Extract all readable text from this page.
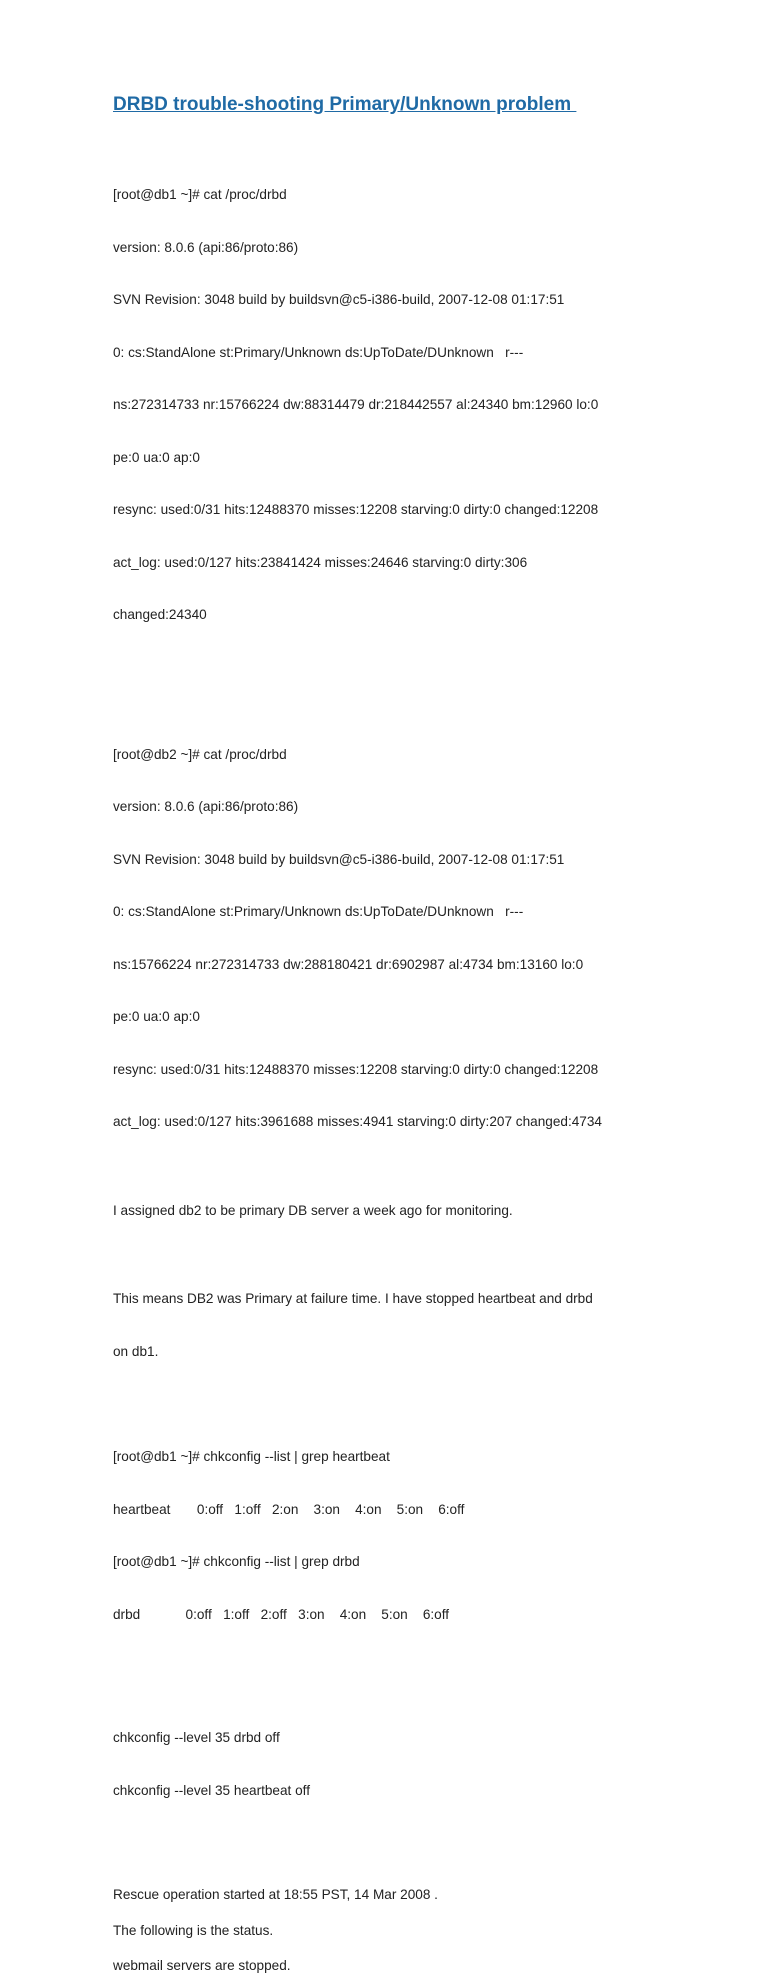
DRBD trouble-shooting Primary/Unknown problem

[root@db1 ~]# cat /proc/drbd

version: 8.0.6 (api:86/proto:86)

SVN Revision: 3048 build by buildsvn@c5-i386-build, 2007-12-08 01:17:51

0: cs:StandAlone st:Primary/Unknown ds:UpToDate/DUnknown   r---

ns:272314733 nr:15766224 dw:88314479 dr:218442557 al:24340 bm:12960 lo:0

pe:0 ua:0 ap:0

resync: used:0/31 hits:12488370 misses:12208 starving:0 dirty:0 changed:12208

act_log: used:0/127 hits:23841424 misses:24646 starving:0 dirty:306

changed:24340

[root@db2 ~]# cat /proc/drbd

version: 8.0.6 (api:86/proto:86)

SVN Revision: 3048 build by buildsvn@c5-i386-build, 2007-12-08 01:17:51

0: cs:StandAlone st:Primary/Unknown ds:UpToDate/DUnknown   r---

ns:15766224 nr:272314733 dw:288180421 dr:6902987 al:4734 bm:13160 lo:0

pe:0 ua:0 ap:0

resync: used:0/31 hits:12488370 misses:12208 starving:0 dirty:0 changed:12208

act_log: used:0/127 hits:3961688 misses:4941 starving:0 dirty:207 changed:4734

I assigned db2 to be primary DB server a week ago for monitoring.

This means DB2 was Primary at failure time. I have stopped heartbeat and drbd

on db1.

[root@db1 ~]# chkconfig --list | grep heartbeat

heartbeat       0:off   1:off   2:on    3:on    4:on    5:on    6:off

[root@db1 ~]# chkconfig --list | grep drbd

drbd            0:off   1:off   2:off   3:on    4:on    5:on    6:off

chkconfig --level 35 drbd off

chkconfig --level 35 heartbeat off

Rescue operation started at 18:55 PST, 14 Mar 2008 .

The following is the status.

webmail servers are stopped.
